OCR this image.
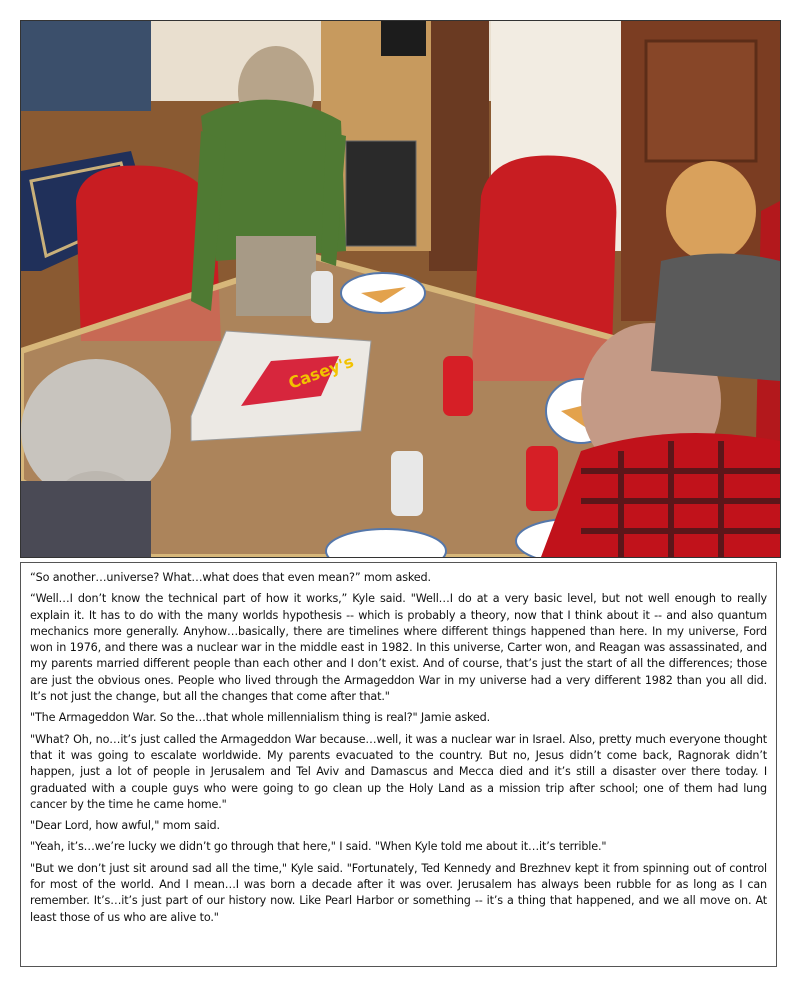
Casey's

“So another…universe? What…what does that even mean?” mom asked.

“Well…I don’t know the technical part of how it works,” Kyle said. "Well…I do at a very basic level, but not well enough to really explain it. It has to do with the many worlds hypothesis -- which is probably a theory, now that I think about it -- and also quantum mechanics more generally. Anyhow…basically, there are timelines where different things happened than here. In my universe, Ford won in 1976, and there was a nuclear war in the middle east in 1982. In this universe, Carter won, and Reagan was assassinated, and my parents married different people than each other and I don’t exist. And of course, that’s just the start of all the differences; those are just the obvious ones. People who lived through the Armageddon War in my universe had a very different 1982 than you all did. It’s not just the change, but all the changes that come after that."

"The Armageddon War. So the…that whole millennialism thing is real?" Jamie asked.

"What? Oh, no…it’s just called the Armageddon War because…well, it was a nuclear war in Israel. Also, pretty much everyone thought that it was going to escalate worldwide. My parents evacuated to the country. But no, Jesus didn’t come back, Ragnorak didn’t happen, just a lot of people in Jerusalem and Tel Aviv and Damascus and Mecca died and it’s still a disaster over there today. I graduated with a couple guys who were going to go clean up the Holy Land as a mission trip after school; one of them had lung cancer by the time he came home."

"Dear Lord, how awful," mom said.

"Yeah, it’s…we’re lucky we didn’t go through that here," I said. "When Kyle told me about it…it’s terrible."

"But we don’t just sit around sad all the time," Kyle said. "Fortunately, Ted Kennedy and Brezhnev kept it from spinning out of control for most of the world. And I mean…I was born a decade after it was over. Jerusalem has always been rubble for as long as I can remember. It’s…it’s just part of our history now. Like Pearl Harbor or something -- it’s a thing that happened, and we all move on. At least those of us who are alive to."
